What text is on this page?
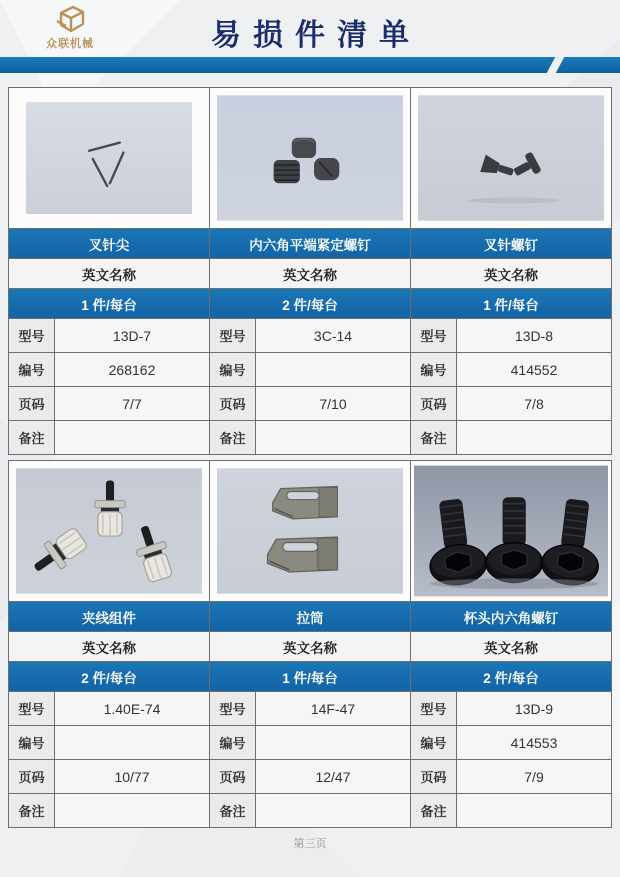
众联机械	易损件清单
叉针尖
英文名称
1 件/每台
型号	13D-7
编号	268162
页码	7/7
备注
内六角平端紧定螺钉
英文名称
2 件/每台
型号	3C-14
编号
页码	7/10
备注
叉针螺钉
英文名称
1 件/每台
型号	13D-8
编号	414552
页码	7/8
备注
夹线组件
英文名称
2 件/每台
型号	1.40E-74
编号
页码	10/77
备注
拉筒
英文名称
1 件/每台
型号	14F-47
编号
页码	12/47
备注
杯头内六角螺钉
英文名称
2 件/每台
型号	13D-9
编号	414553
页码	7/9
备注
第三页
